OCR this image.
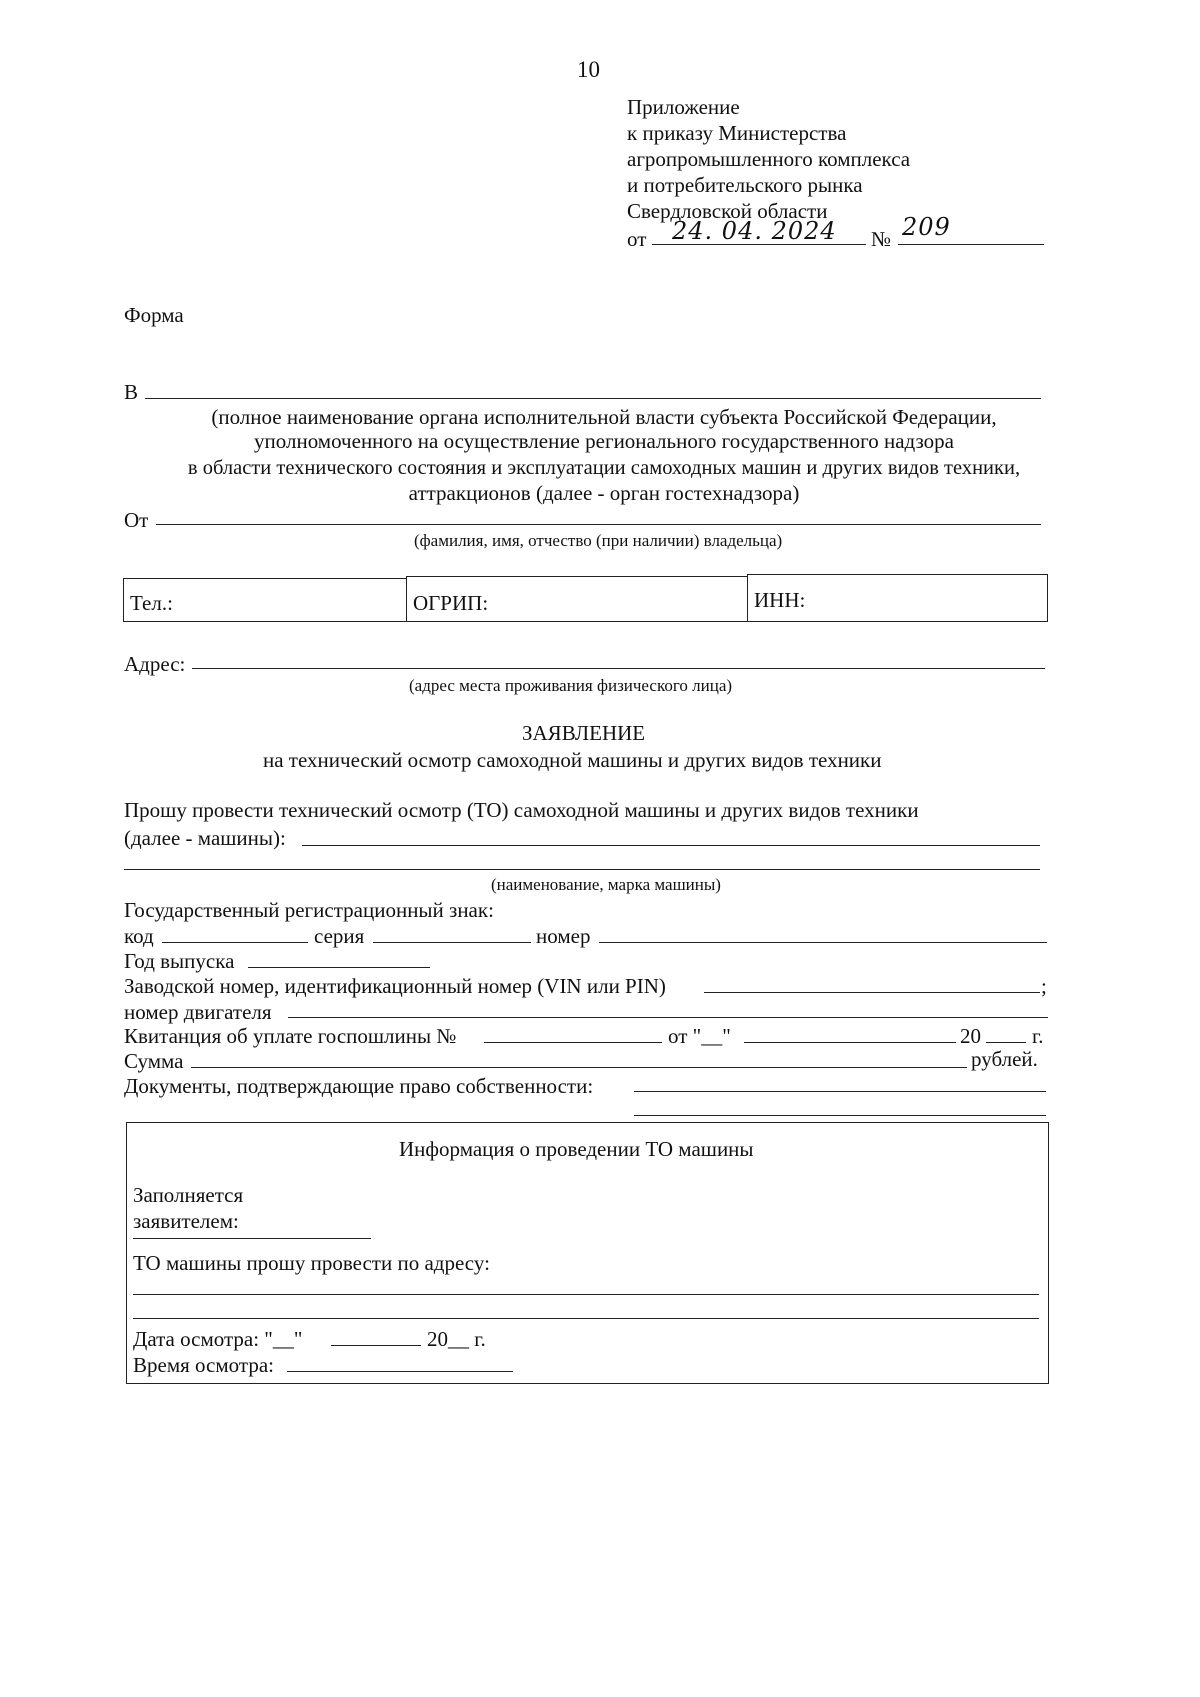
10
Приложение
к приказу Министерства
агропромышленного комплекса
и потребительского рынка
Свердловской области
от 24. 04. 2024 № 209
Форма
В
(полное наименование органа исполнительной власти субъекта Российской Федерации,
уполномоченного на осуществление регионального государственного надзора
в области технического состояния и эксплуатации самоходных машин и других видов техники,
аттракционов (далее - орган гостехнадзора)
От
(фамилия, имя, отчество (при наличии) владельца)
Тел.:	ОГРИП:	ИНН:
Адрес:
(адрес места проживания физического лица)
ЗАЯВЛЕНИЕ
на технический осмотр самоходной машины и других видов техники
Прошу провести технический осмотр (ТО) самоходной машины и других видов техники
(далее - машины):
(наименование, марка машины)
Государственный регистрационный знак:
код	серия	номер
Год выпуска
Заводской номер, идентификационный номер (VIN или PIN)	;
номер двигателя
Квитанция об уплате госпошлины №	от "__"	20 г.
Сумма	рублей.
Документы, подтверждающие право собственности:
Информация о проведении ТО машины
Заполняется
заявителем:
ТО машины прошу провести по адресу:
Дата осмотра: "__"	20__ г.
Время осмотра:
